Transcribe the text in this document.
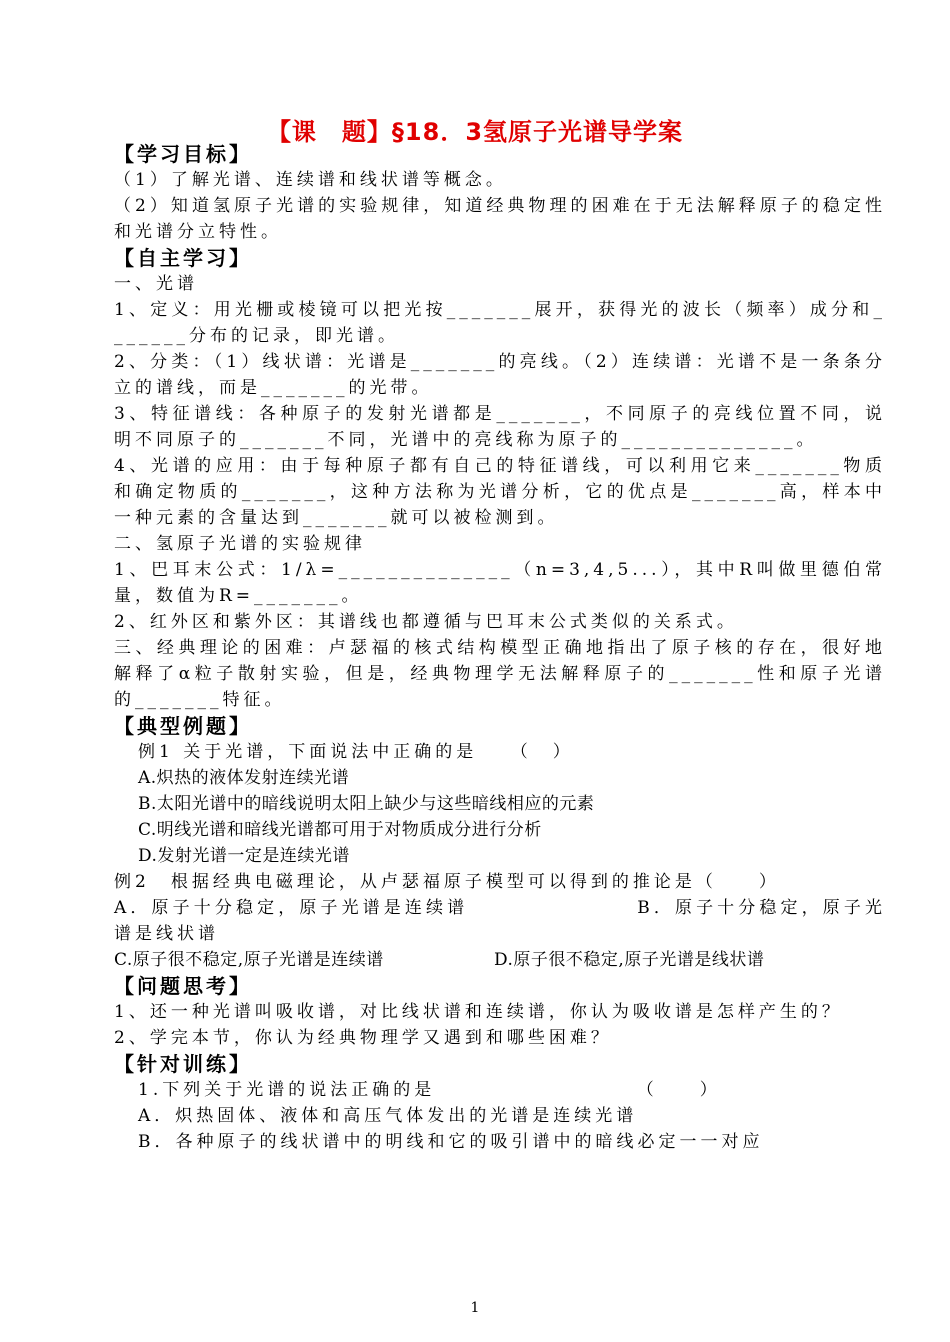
【课　题】§18．3氢原子光谱导学案

【学习目标】

（1）了解光谱、连续谱和线状谱等概念。

（2）知道氢原子光谱的实验规律，知道经典物理的困难在于无法解释原子的稳定性和光谱分立特性。

【自主学习】

一、光谱

1、定义：用光栅或棱镜可以把光按_______展开，获得光的波长（频率）成分和_______分布的记录，即光谱。

2、分类：（1）线状谱：光谱是_______的亮线。（2）连续谱：光谱不是一条条分立的谱线，而是_______的光带。

3、特征谱线：各种原子的发射光谱都是_______，不同原子的亮线位置不同，说明不同原子的_______不同，光谱中的亮线称为原子的______________。

4、光谱的应用：由于每种原子都有自己的特征谱线，可以利用它来_______物质和确定物质的_______，这种方法称为光谱分析，它的优点是_______高，样本中一种元素的含量达到_______就可以被检测到。

二、氢原子光谱的实验规律

1、巴耳末公式：1/λ=______________（n=3,4,5...），其中R叫做里德伯常量，数值为R=_______。

2、红外区和紫外区：其谱线也都遵循与巴耳末公式类似的关系式。

三、经典理论的困难：卢瑟福的核式结构模型正确地指出了原子核的存在，很好地解释了α粒子散射实验，但是，经典物理学无法解释原子的_______性和原子光谱的_______特征。

【典型例题】

例1 关于光谱，下面说法中正确的是　　（　）

A.炽热的液体发射连续光谱

B.太阳光谱中的暗线说明太阳上缺少与这些暗线相应的元素

C.明线光谱和暗线光谱都可用于对物质成分进行分析

D.发射光谱一定是连续光谱

例2　根据经典电磁理论，从卢瑟福原子模型可以得到的推论是（　　）

A．原子十分稳定，原子光谱是连续谱　　　　　　　　	B．原子十分稳定，原子光谱是线状谱

C.原子很不稳定,原子光谱是连续谱	D.原子很不稳定,原子光谱是线状谱

【问题思考】

1、还一种光谱叫吸收谱，对比线状谱和连续谱，你认为吸收谱是怎样产生的？

2、学完本节，你认为经典物理学又遇到和哪些困难？

【针对训练】

1.下列关于光谱的说法正确的是　　　　　　　　　　（　　）

A．炽热固体、液体和高压气体发出的光谱是连续光谱

B．各种原子的线状谱中的明线和它的吸引谱中的暗线必定一一对应

1
